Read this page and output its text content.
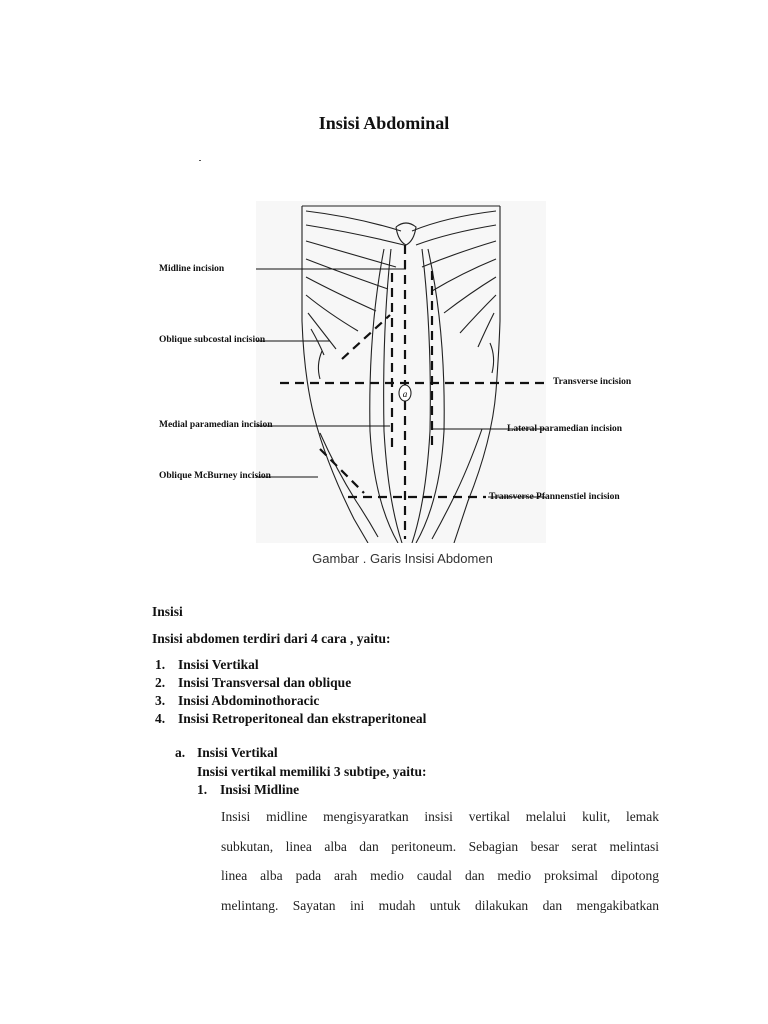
Insisi Abdominal
a
Midline incision
Oblique subcostal incision
Medial paramedian incision
Oblique McBurney incision
Transverse incision
Lateral paramedian incision
Transverse Pfannenstiel incision
Gambar . Garis Insisi Abdomen
Insisi
Insisi abdomen terdiri dari 4 cara , yaitu:
1. Insisi Vertikal
2. Insisi Transversal dan oblique
3. Insisi Abdominothoracic
4. Insisi Retroperitoneal dan ekstraperitoneal
a. Insisi Vertikal
Insisi vertikal memiliki 3 subtipe, yaitu:
1. Insisi Midline
Insisi midline mengisyaratkan insisi vertikal melalui kulit, lemak
subkutan, linea alba dan peritoneum. Sebagian besar serat melintasi
linea alba pada arah medio caudal dan medio proksimal dipotong
melintang. Sayatan ini mudah untuk dilakukan dan mengakibatkan
